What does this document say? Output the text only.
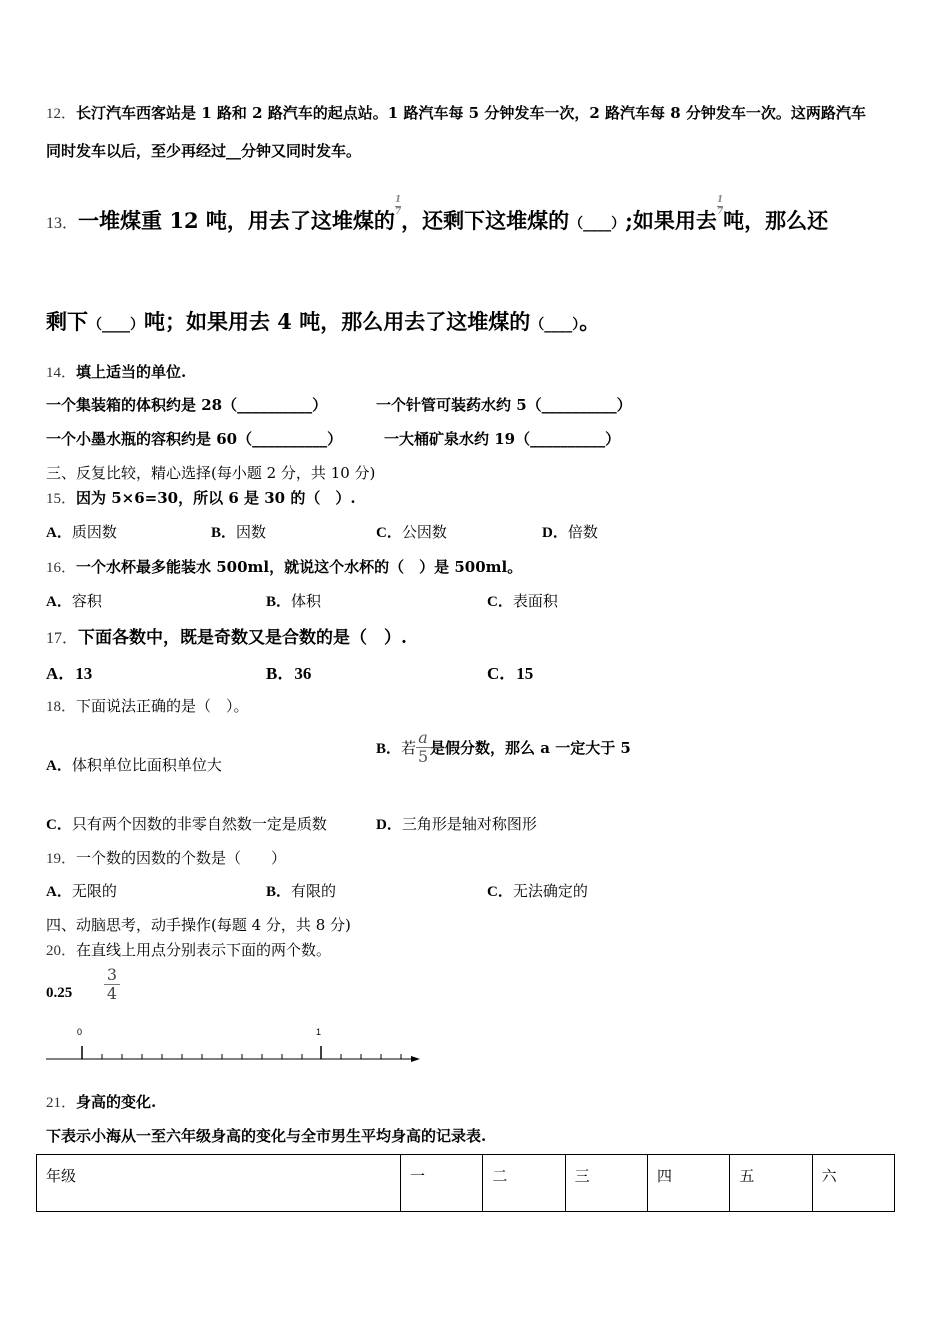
12．长汀汽车西客站是 1 路和 2 路汽车的起点站。1 路汽车每 5 分钟发车一次，2 路汽车每 8 分钟发车一次。这两路汽车
同时发车以后，至少再经过__分钟又同时发车。
13．一堆煤重 12 吨，用去了这堆煤的
$\frac{1}{7}$
，还剩下这堆煤的（____）;如果用去
$\frac{1}{7}$
吨，那么还
剩下（____）吨；如果用去 4 吨，那么用去了这堆煤的（____）。
14．填上适当的单位.
一个集装箱的体积约是 28（__________）	一个针管可装药水约 5（__________）
一个小墨水瓶的容积约是 60（__________）	一大桶矿泉水约 19（__________）
三、反复比较，精心选择(每小题 2 分，共 10 分)
15．因为 5×6=30，所以 6 是 30 的（　）.
A．质因数	B．因数	C．公因数	D．倍数
16．一个水杯最多能装水 500ml，就说这个水杯的（　）是 500ml。
A．容积	B．体积	C．表面积
17．下面各数中，既是奇数又是合数的是（　）.
A．13	B．36	C．15
18．下面说法正确的是（　）。
A．体积单位比面积单位大
B．若 $\frac{a}{5}$ 是假分数，那么 a 一定大于 5
C．只有两个因数的非零自然数一定是质数	D．三角形是轴对称图形
19．一个数的因数的个数是（　　）
A．无限的	B．有限的	C．无法确定的
四、动脑思考，动手操作(每题 4 分，共 8 分)
20．在直线上用点分别表示下面的两个数。
$0.25 \frac{3}{4}$
0	1
21．身高的变化.
下表示小海从一至六年级身高的变化与全市男生平均身高的记录表.
年级	一	二	三	四	五	六
